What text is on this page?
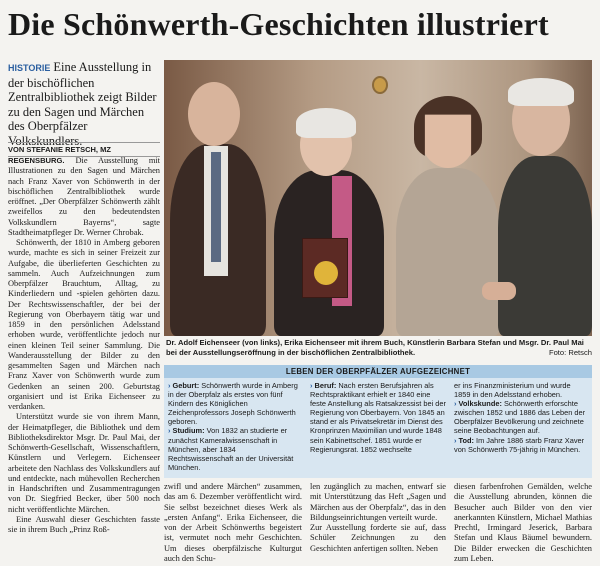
Die Schönwerth-Geschichten illustriert
HISTORIE Eine Ausstellung in der bischöflichen Zentralbibliothek zeigt Bilder zu den Sagen und Märchen des Oberpfälzer Volkskundlers.
VON STEFANIE RETSCH, MZ

REGENSBURG. Die Ausstellung mit Illustrationen zu den Sagen und Märchen nach Franz Xaver von Schönwerth in der bischöflichen Zentralbibliothek wurde eröffnet. „Der Oberpfälzer Schönwerth zählt zweifellos zu den bedeutendsten Volkskundlern Bayerns“, sagte Stadtheimatpfleger Dr. Werner Chrobak.

Schönwerth, der 1810 in Amberg geboren wurde, machte es sich in seiner Freizeit zur Aufgabe, die überlieferten Geschichten zu sammeln. Auch Aufzeichnungen zum Oberpfälzer Brauchtum, Alltag, zu Kinderliedern und -spielen gehörten dazu. Der Rechtswissenschaftler, der bei der Regierung von Oberbayern tätig war und 1859 in den persönlichen Adelsstand erhoben wurde, veröffentlichte jedoch nur einen kleinen Teil seiner Sammlung. Die Wanderausstellung der Bilder zu den gesammelten Sagen und Märchen nach Franz Xaver von Schönwerth wurde zum Gedenken an seinen 200. Geburtstag organisiert und ist Erika Eichenseer zu verdanken.

Unterstützt wurde sie von ihrem Mann, der Heimatpfleger, die Bibliothek und dem Bibliotheksdirektor Msgr. Dr. Paul Mai, der Schönwerth-Gesellschaft, Wissenschaftlern, Künstlern und Verlegern. Eichenseer arbeitete den Nachlass des Volkskundlers auf und entdeckte, nach mühevollen Recherchen in Handschriften und Zusammentragungen von Dr. Siegfried Becker, über 500 noch nicht veröffentlichte Märchen.

Eine Auswahl dieser Geschichten fasste sie in ihrem Buch „Prinz Roß-

Dr. Adolf Eichenseer (von links), Erika Eichenseer mit ihrem Buch, Künstlerin Barbara Stefan und Msgr. Dr. Paul Mai bei der Ausstellungseröffnung in der bischöflichen Zentralbibliothek.	Foto: Retsch
LEBEN DER OBERPFÄLZER AUFGEZEICHNET
› Geburt: Schönwerth wurde in Amberg in der Oberpfalz als erstes von fünf Kindern des Königlichen Zeichenprofessors Joseph Schönwerth geboren.
› Studium: Von 1832 an studierte er zunächst Kameralwissenschaft in München, aber 1834 Rechtswissenschaft an der Universität München.
› Beruf: Nach ersten Berufsjahren als Rechtspraktikant erhielt er 1840 eine feste Anstellung als Ratsakzessist bei der Regierung von Oberbayern. Von 1845 an stand er als Privatsekretär im Dienst des Kronprinzen Maximilian und wurde 1848 sein Kabinettschef. 1851 wurde er Regierungsrat. 1852 wechselte
er ins Finanzministerium und wurde 1859 in den Adelsstand erhoben.
› Volkskunde: Schönwerth erforschte zwischen 1852 und 1886 das Leben der Oberpfälzer Bevölkerung und zeichnete seine Beobachtungen auf.
› Tod: Im Jahre 1886 starb Franz Xaver von Schönwerth 75-jährig in München.
zwifl und andere Märchen“ zusammen, das am 6. Dezember veröffentlicht wird. Sie selbst bezeichnet dieses Werk als „ersten Anfang“. Erika Eichenseer, die von der Arbeit Schönwerths begeistert ist, vermutet noch mehr Geschichten. Um dieses oberpfälzische Kulturgut auch den Schu-
len zugänglich zu machen, entwarf sie mit Unterstützung das Heft „Sagen und Märchen aus der Oberpfalz“, das in den Bildungseinrichtungen verteilt wurde.
Zur Ausstellung forderte sie auf, dass Schüler Zeichnungen zu den Geschichten anfertigen sollten. Neben
diesen farbenfrohen Gemälden, welche die Ausstellung abrunden, können die Besucher auch Bilder von den vier anerkannten Künstlern, Michael Mathias Prechtl, Irmingard Jeserick, Barbara Stefan und Klaus Bäumel bewundern. Die Bilder erwecken die Geschichten zum Leben.
